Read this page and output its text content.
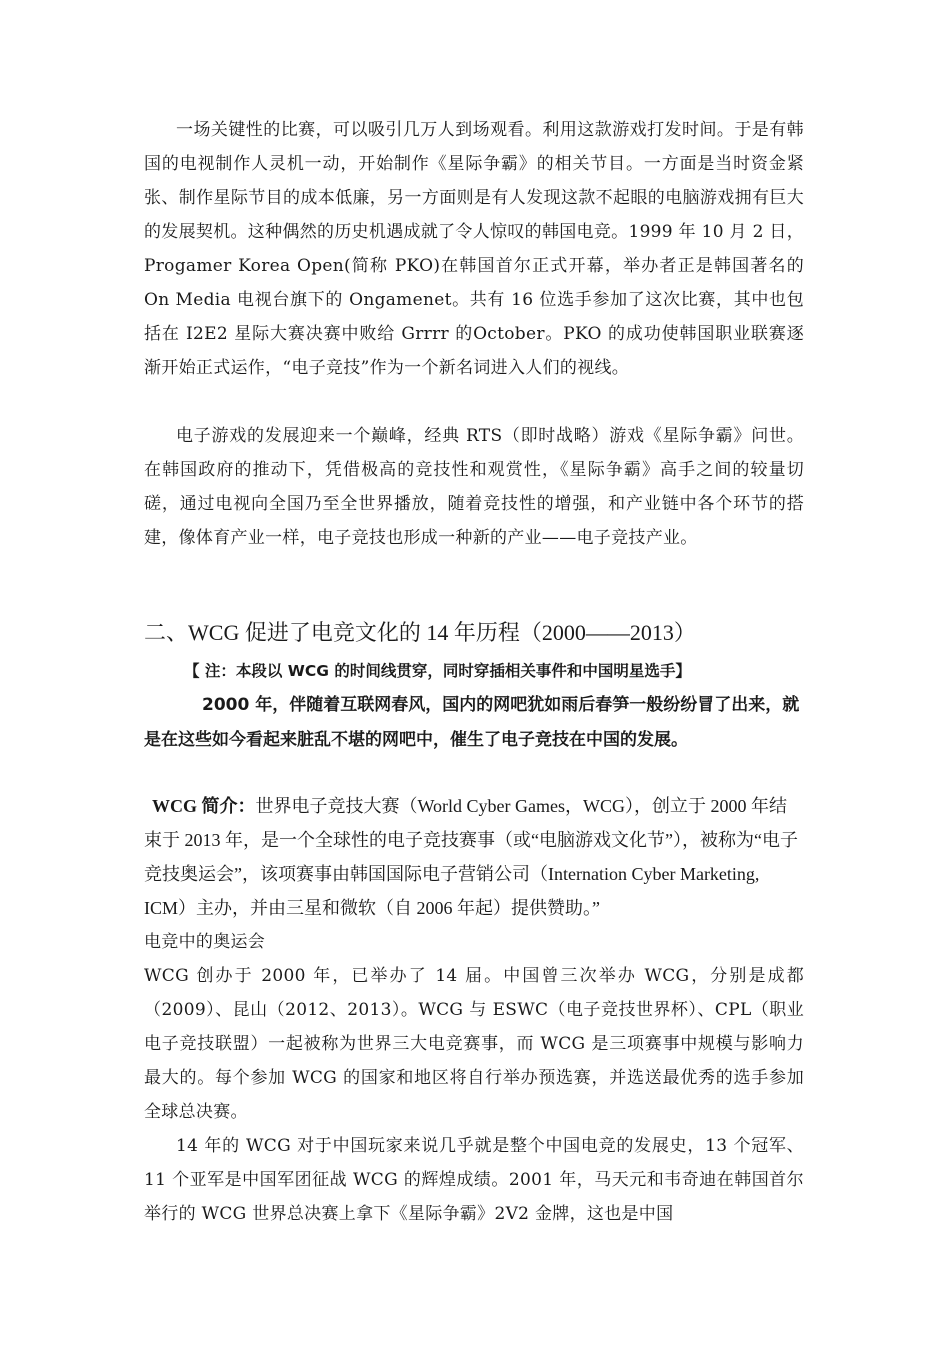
一场关键性的比赛，可以吸引几万人到场观看。利用这款游戏打发时间。于是有韩国的电视制作人灵机一动，开始制作《星际争霸》的相关节目。一方面是当时资金紧张、制作星际节目的成本低廉，另一方面则是有人发现这款不起眼的电脑游戏拥有巨大的发展契机。这种偶然的历史机遇成就了令人惊叹的韩国电竞。1999 年 10 月 2 日，Progamer Korea Open(简称 PKO)在韩国首尔正式开幕，举办者正是韩国著名的 On Media 电视台旗下的 Ongamenet。共有 16 位选手参加了这次比赛，其中也包括在 I2E2 星际大赛决赛中败给 Grrrr 的October。PKO 的成功使韩国职业联赛逐渐开始正式运作，“电子竞技”作为一个新名词进入人们的视线。

电子游戏的发展迎来一个巅峰，经典 RTS（即时战略）游戏《星际争霸》问世。在韩国政府的推动下，凭借极高的竞技性和观赏性，《星际争霸》高手之间的较量切磋，通过电视向全国乃至全世界播放，随着竞技性的增强，和产业链中各个环节的搭建，像体育产业一样，电子竞技也形成一种新的产业——电子竞技产业。

二、WCG 促进了电竞文化的 14 年历程（2000——2013）

【 注：本段以 WCG 的时间线贯穿，同时穿插相关事件和中国明星选手】

2000 年，伴随着互联网春风，国内的网吧犹如雨后春笋一般纷纷冒了出来，就是在这些如今看起来脏乱不堪的网吧中，催生了电子竞技在中国的发展。

WCG 简介：世界电子竞技大赛（World Cyber Games，WCG），创立于 2000 年结束于 2013 年，是一个全球性的电子竞技赛事（或“电脑游戏文化节”），被称为“电子竞技奥运会”，该项赛事由韩国国际电子营销公司（Internation Cyber Marketing, ICM）主办，并由三星和微软（自 2006 年起）提供赞助。”

电竞中的奥运会

WCG 创办于 2000 年，已举办了 14 届。中国曾三次举办 WCG，分别是成都（2009）、昆山（2012、2013）。WCG 与 ESWC（电子竞技世界杯）、CPL（职业电子竞技联盟）一起被称为世界三大电竞赛事，而 WCG 是三项赛事中规模与影响力最大的。每个参加 WCG 的国家和地区将自行举办预选赛，并选送最优秀的选手参加全球总决赛。

14 年的 WCG 对于中国玩家来说几乎就是整个中国电竞的发展史，13 个冠军、11 个亚军是中国军团征战 WCG 的辉煌成绩。2001 年，马天元和韦奇迪在韩国首尔举行的 WCG 世界总决赛上拿下《星际争霸》2V2 金牌，这也是中国
